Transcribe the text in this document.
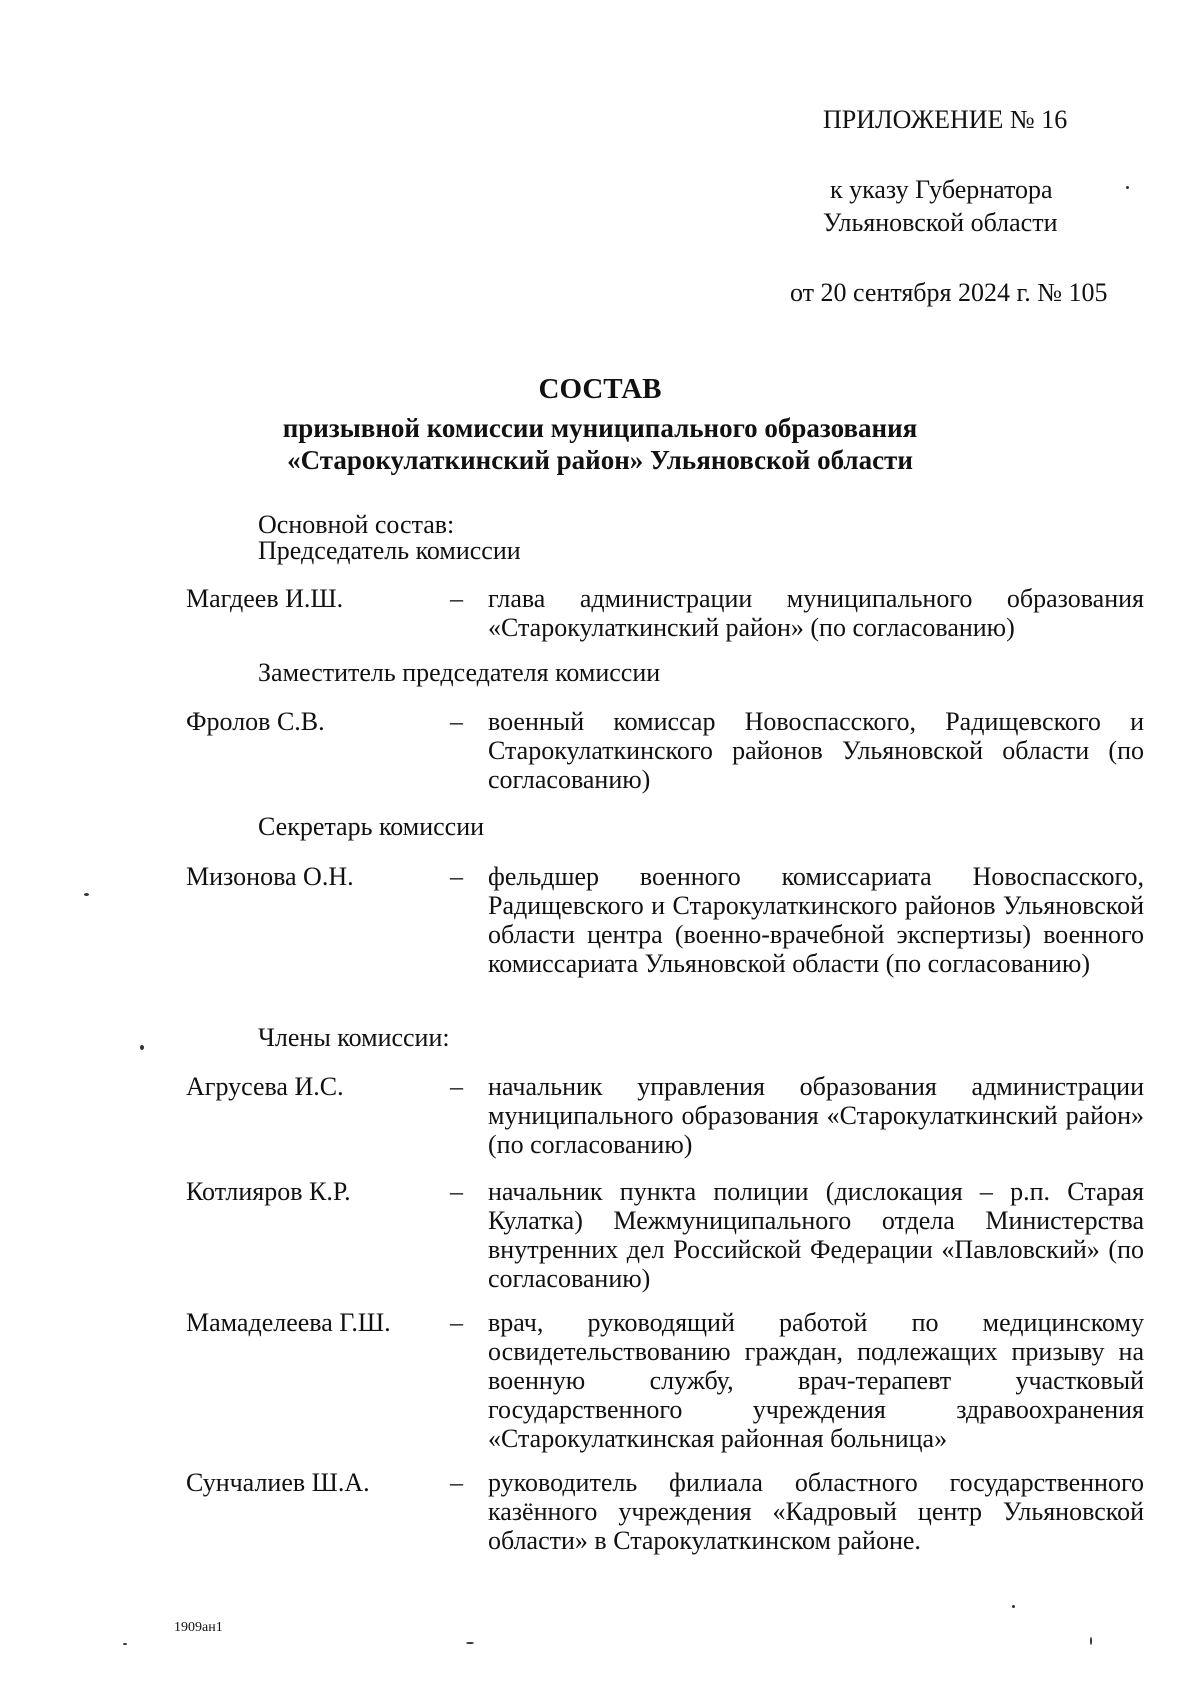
ПРИЛОЖЕНИЕ № 16
к указу Губернатора
Ульяновской области
от 20 сентября 2024 г. № 105
СОСТАВ
призывной комиссии муниципального образования
«Старокулаткинский район» Ульяновской области
Основной состав:
Председатель комиссии
Магдеев И.Ш.	– глава администрации муниципального образования «Старокулаткинский район» (по согласованию)
Заместитель председателя комиссии
Фролов С.В.	– военный комиссар Новоспасского, Радищевского и Старокулаткинского районов Ульяновской области (по согласованию)
Секретарь комиссии
Мизонова О.Н.	– фельдшер военного комиссариата Новоспасского, Радищевского и Старокулаткинского районов Ульяновской области центра (военно-врачебной экспертизы) военного комиссариата Ульяновской области (по согласованию)
Члены комиссии:
Агрусева И.С.	– начальник управления образования администрации муниципального образования «Старокулаткинский район» (по согласованию)
Котлияров К.Р.	– начальник пункта полиции (дислокация – р.п. Старая Кулатка) Межмуниципального отдела Министерства внутренних дел Российской Федерации «Павловский» (по согласованию)
Мамаделеева Г.Ш. – врач, руководящий работой по медицинскому освидетельствованию граждан, подлежащих призыву на военную службу, врач-терапевт участковый государственного учреждения здравоохранения «Старокулаткинская районная больница»
Сунчалиев Ш.А.	– руководитель филиала областного государственного казённого учреждения «Кадровый центр Ульяновской области» в Старокулаткинском районе.
1909ан1
